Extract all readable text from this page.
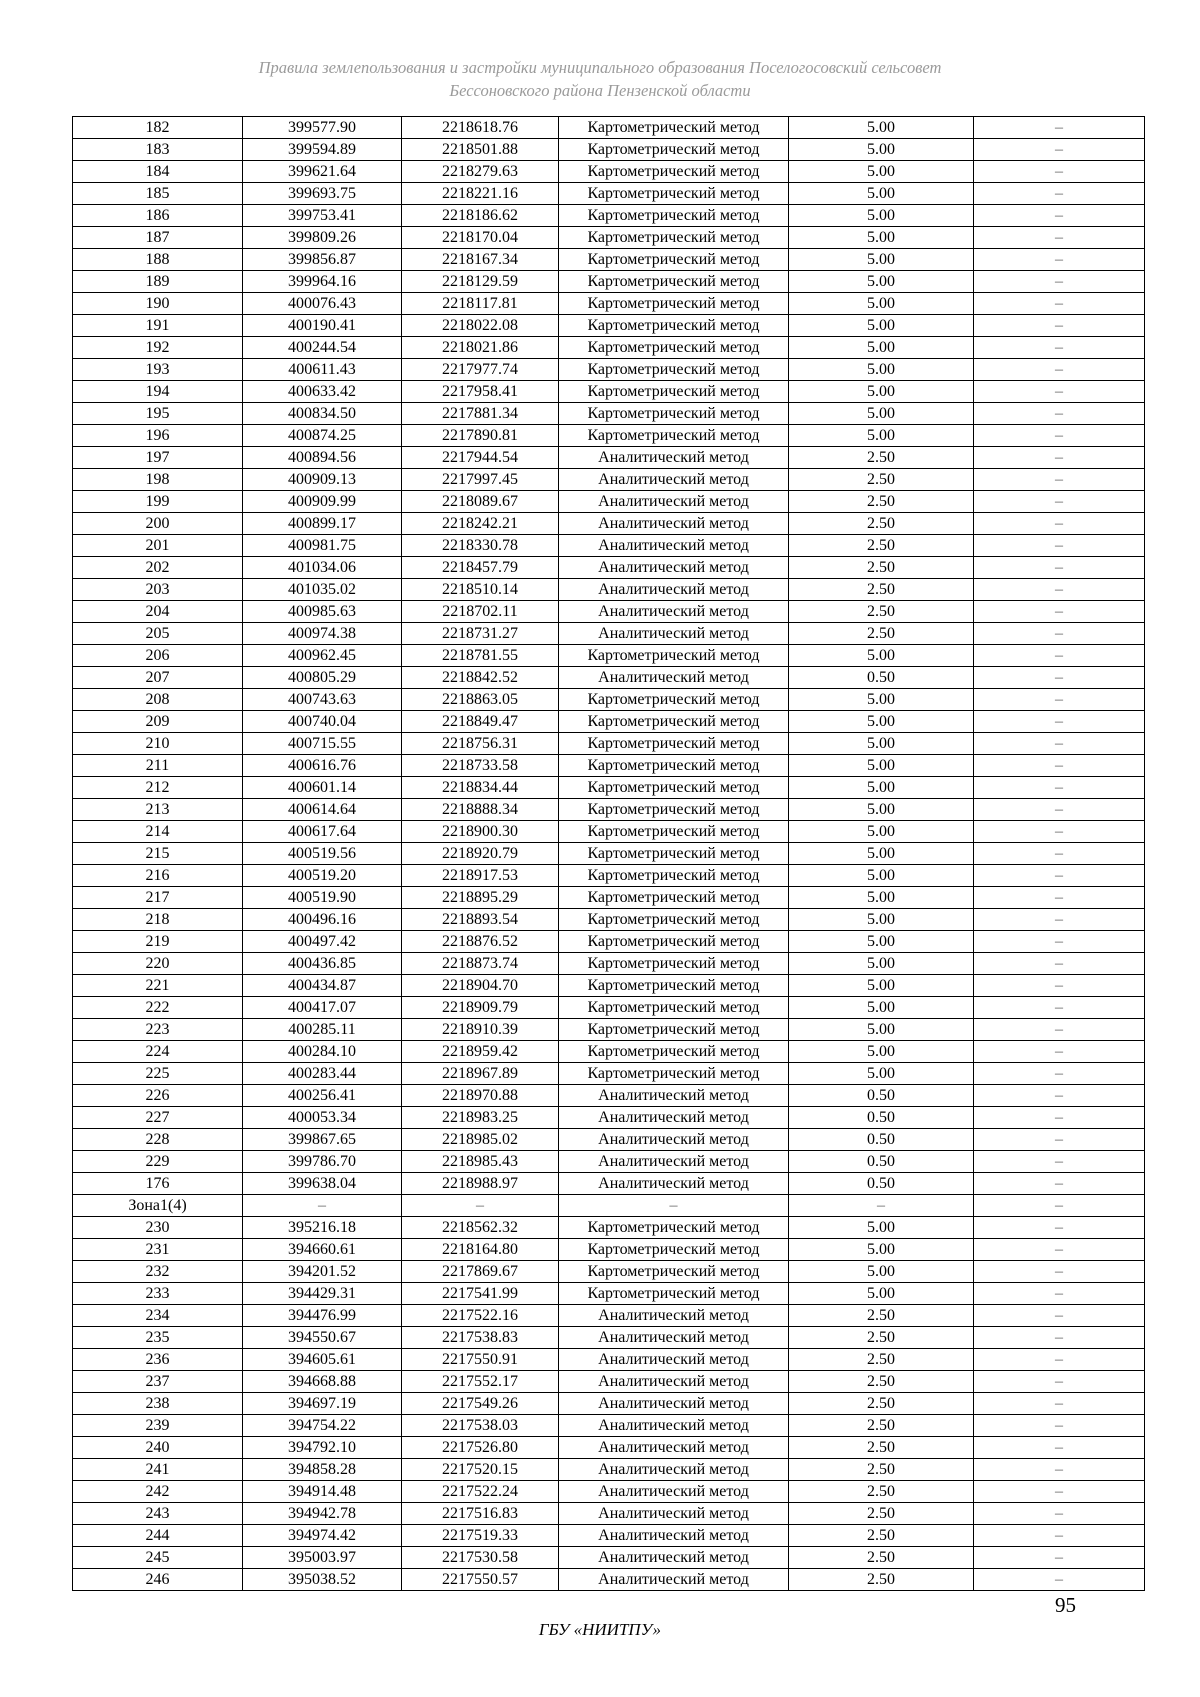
Правила землепользования и застройки муниципального образования Поселогосовский сельсовет
Бессоновского района Пензенской области
182	399577.90	2218618.76	Картометрический метод	5.00	–
183	399594.89	2218501.88	Картометрический метод	5.00	–
184	399621.64	2218279.63	Картометрический метод	5.00	–
185	399693.75	2218221.16	Картометрический метод	5.00	–
186	399753.41	2218186.62	Картометрический метод	5.00	–
187	399809.26	2218170.04	Картометрический метод	5.00	–
188	399856.87	2218167.34	Картометрический метод	5.00	–
189	399964.16	2218129.59	Картометрический метод	5.00	–
190	400076.43	2218117.81	Картометрический метод	5.00	–
191	400190.41	2218022.08	Картометрический метод	5.00	–
192	400244.54	2218021.86	Картометрический метод	5.00	–
193	400611.43	2217977.74	Картометрический метод	5.00	–
194	400633.42	2217958.41	Картометрический метод	5.00	–
195	400834.50	2217881.34	Картометрический метод	5.00	–
196	400874.25	2217890.81	Картометрический метод	5.00	–
197	400894.56	2217944.54	Аналитический метод	2.50	–
198	400909.13	2217997.45	Аналитический метод	2.50	–
199	400909.99	2218089.67	Аналитический метод	2.50	–
200	400899.17	2218242.21	Аналитический метод	2.50	–
201	400981.75	2218330.78	Аналитический метод	2.50	–
202	401034.06	2218457.79	Аналитический метод	2.50	–
203	401035.02	2218510.14	Аналитический метод	2.50	–
204	400985.63	2218702.11	Аналитический метод	2.50	–
205	400974.38	2218731.27	Аналитический метод	2.50	–
206	400962.45	2218781.55	Картометрический метод	5.00	–
207	400805.29	2218842.52	Аналитический метод	0.50	–
208	400743.63	2218863.05	Картометрический метод	5.00	–
209	400740.04	2218849.47	Картометрический метод	5.00	–
210	400715.55	2218756.31	Картометрический метод	5.00	–
211	400616.76	2218733.58	Картометрический метод	5.00	–
212	400601.14	2218834.44	Картометрический метод	5.00	–
213	400614.64	2218888.34	Картометрический метод	5.00	–
214	400617.64	2218900.30	Картометрический метод	5.00	–
215	400519.56	2218920.79	Картометрический метод	5.00	–
216	400519.20	2218917.53	Картометрический метод	5.00	–
217	400519.90	2218895.29	Картометрический метод	5.00	–
218	400496.16	2218893.54	Картометрический метод	5.00	–
219	400497.42	2218876.52	Картометрический метод	5.00	–
220	400436.85	2218873.74	Картометрический метод	5.00	–
221	400434.87	2218904.70	Картометрический метод	5.00	–
222	400417.07	2218909.79	Картометрический метод	5.00	–
223	400285.11	2218910.39	Картометрический метод	5.00	–
224	400284.10	2218959.42	Картометрический метод	5.00	–
225	400283.44	2218967.89	Картометрический метод	5.00	–
226	400256.41	2218970.88	Аналитический метод	0.50	–
227	400053.34	2218983.25	Аналитический метод	0.50	–
228	399867.65	2218985.02	Аналитический метод	0.50	–
229	399786.70	2218985.43	Аналитический метод	0.50	–
176	399638.04	2218988.97	Аналитический метод	0.50	–
Зона1(4)	–	–	–	–	–
230	395216.18	2218562.32	Картометрический метод	5.00	–
231	394660.61	2218164.80	Картометрический метод	5.00	–
232	394201.52	2217869.67	Картометрический метод	5.00	–
233	394429.31	2217541.99	Картометрический метод	5.00	–
234	394476.99	2217522.16	Аналитический метод	2.50	–
235	394550.67	2217538.83	Аналитический метод	2.50	–
236	394605.61	2217550.91	Аналитический метод	2.50	–
237	394668.88	2217552.17	Аналитический метод	2.50	–
238	394697.19	2217549.26	Аналитический метод	2.50	–
239	394754.22	2217538.03	Аналитический метод	2.50	–
240	394792.10	2217526.80	Аналитический метод	2.50	–
241	394858.28	2217520.15	Аналитический метод	2.50	–
242	394914.48	2217522.24	Аналитический метод	2.50	–
243	394942.78	2217516.83	Аналитический метод	2.50	–
244	394974.42	2217519.33	Аналитический метод	2.50	–
245	395003.97	2217530.58	Аналитический метод	2.50	–
246	395038.52	2217550.57	Аналитический метод	2.50	–
95
ГБУ «НИИТПУ»
